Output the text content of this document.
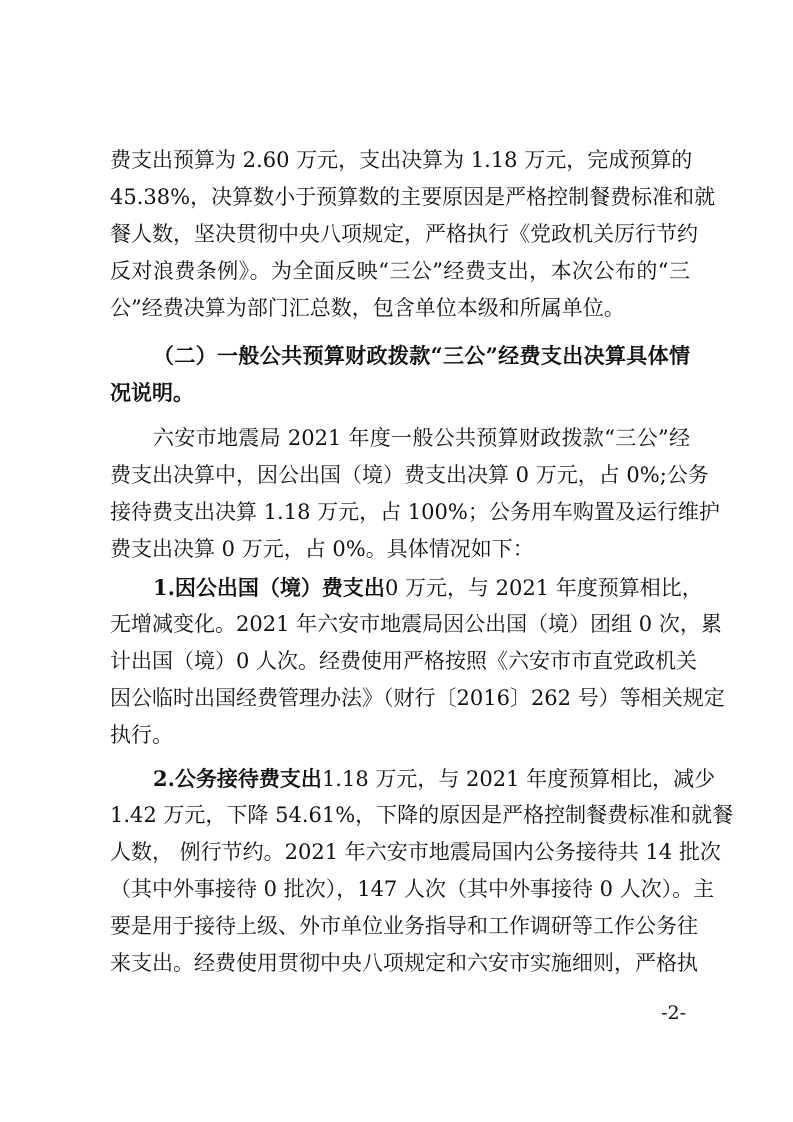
费支出预算为 2.60 万元，支出决算为 1.18 万元，完成预算的
45.38%，决算数小于预算数的主要原因是严格控制餐费标准和就
餐人数，坚决贯彻中央八项规定，严格执行《党政机关厉行节约
反对浪费条例》。为全面反映“三公”经费支出，本次公布的“三
公”经费决算为部门汇总数，包含单位本级和所属单位。
（二）一般公共预算财政拨款“三公”经费支出决算具体情
况说明。
六安市地震局 2021 年度一般公共预算财政拨款“三公”经
费支出决算中，因公出国（境）费支出决算 0 万元，占 0%;公务
接待费支出决算 1.18 万元，占 100%；公务用车购置及运行维护
费支出决算 0 万元，占 0%。具体情况如下：
1.因公出国（境）费支出0 万元，与 2021 年度预算相比，
无增减变化。2021 年六安市地震局因公出国（境）团组 0 次，累
计出国（境）0 人次。经费使用严格按照《六安市市直党政机关
因公临时出国经费管理办法》（财行〔2016〕262 号）等相关规定
执行。
2.公务接待费支出1.18 万元，与 2021 年度预算相比，减少
1.42 万元，下降 54.61%，下降的原因是严格控制餐费标准和就餐
人数， 例行节约。2021 年六安市地震局国内公务接待共 14 批次
（其中外事接待 0 批次），147 人次（其中外事接待 0 人次）。主
要是用于接待上级、外市单位业务指导和工作调研等工作公务往
来支出。经费使用贯彻中央八项规定和六安市实施细则，严格执
-2-
